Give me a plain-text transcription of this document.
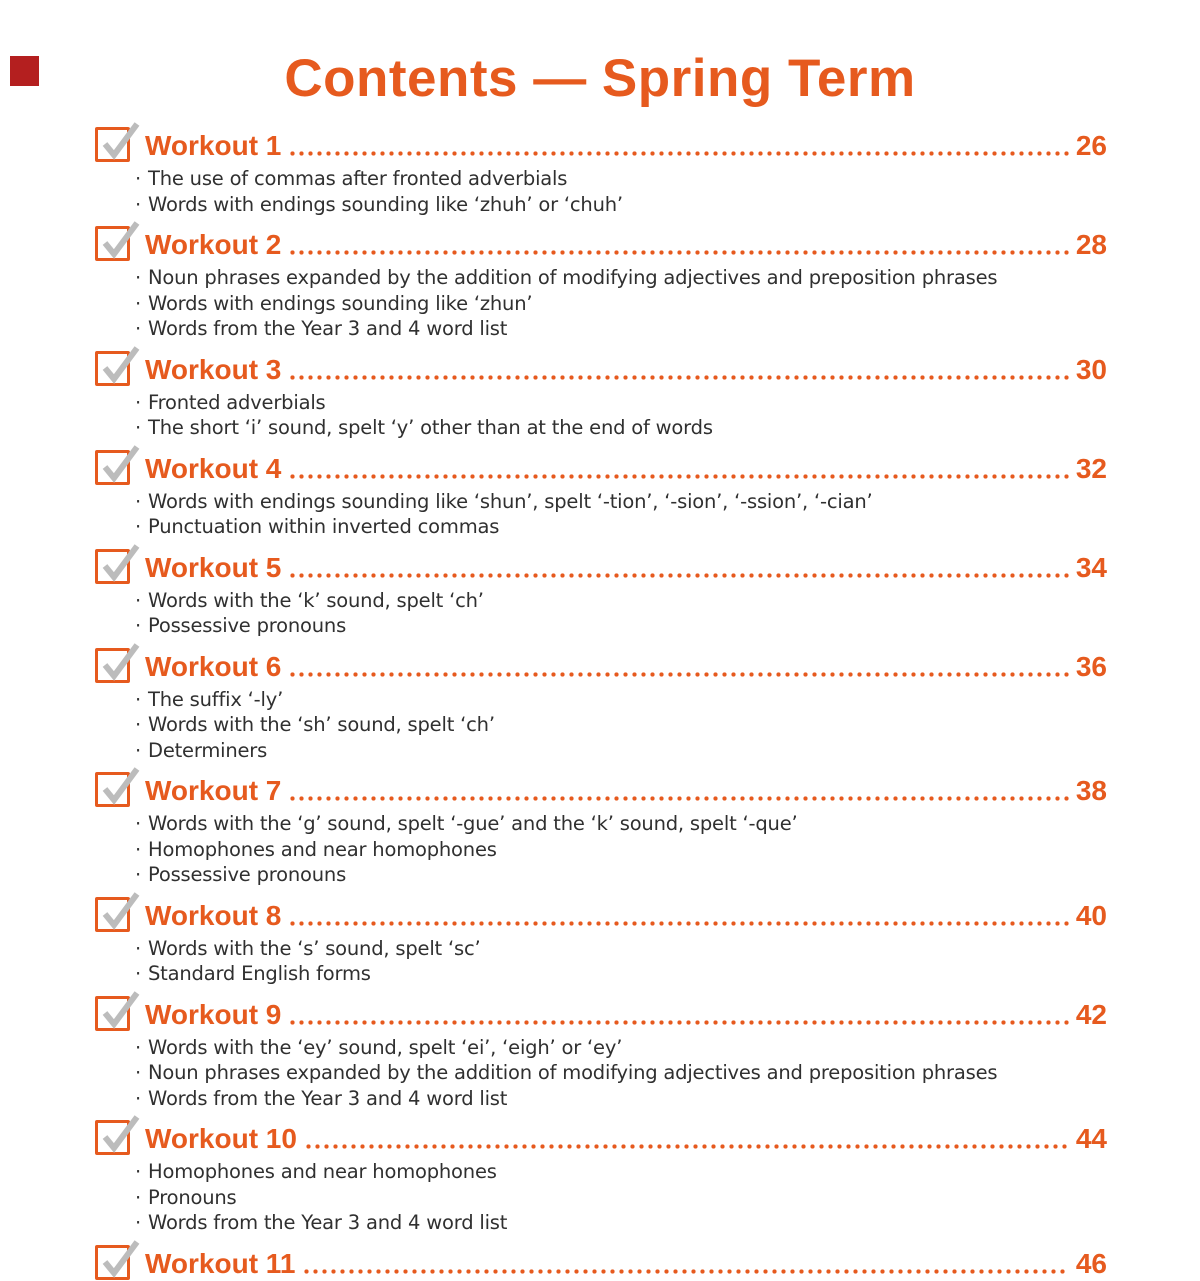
Contents — Spring Term
Workout 1	26
· The use of commas after fronted adverbials
· Words with endings sounding like ‘zhuh’ or ‘chuh’
Workout 2	28
· Noun phrases expanded by the addition of modifying adjectives and preposition phrases
· Words with endings sounding like ‘zhun’
· Words from the Year 3 and 4 word list
Workout 3	30
· Fronted adverbials
· The short ‘i’ sound, spelt ‘y’ other than at the end of words
Workout 4	32
· Words with endings sounding like ‘shun’, spelt ‘-tion’, ‘-sion’, ‘-ssion’, ‘-cian’
· Punctuation within inverted commas
Workout 5	34
· Words with the ‘k’ sound, spelt ‘ch’
· Possessive pronouns
Workout 6	36
· The suffix ‘-ly’
· Words with the ‘sh’ sound, spelt ‘ch’
· Determiners
Workout 7	38
· Words with the ‘g’ sound, spelt ‘-gue’ and the ‘k’ sound, spelt ‘-que’
· Homophones and near homophones
· Possessive pronouns
Workout 8	40
· Words with the ‘s’ sound, spelt ‘sc’
· Standard English forms
Workout 9	42
· Words with the ‘ey’ sound, spelt ‘ei’, ‘eigh’ or ‘ey’
· Noun phrases expanded by the addition of modifying adjectives and preposition phrases
· Words from the Year 3 and 4 word list
Workout 10	44
· Homophones and near homophones
· Pronouns
· Words from the Year 3 and 4 word list
Workout 11	46
